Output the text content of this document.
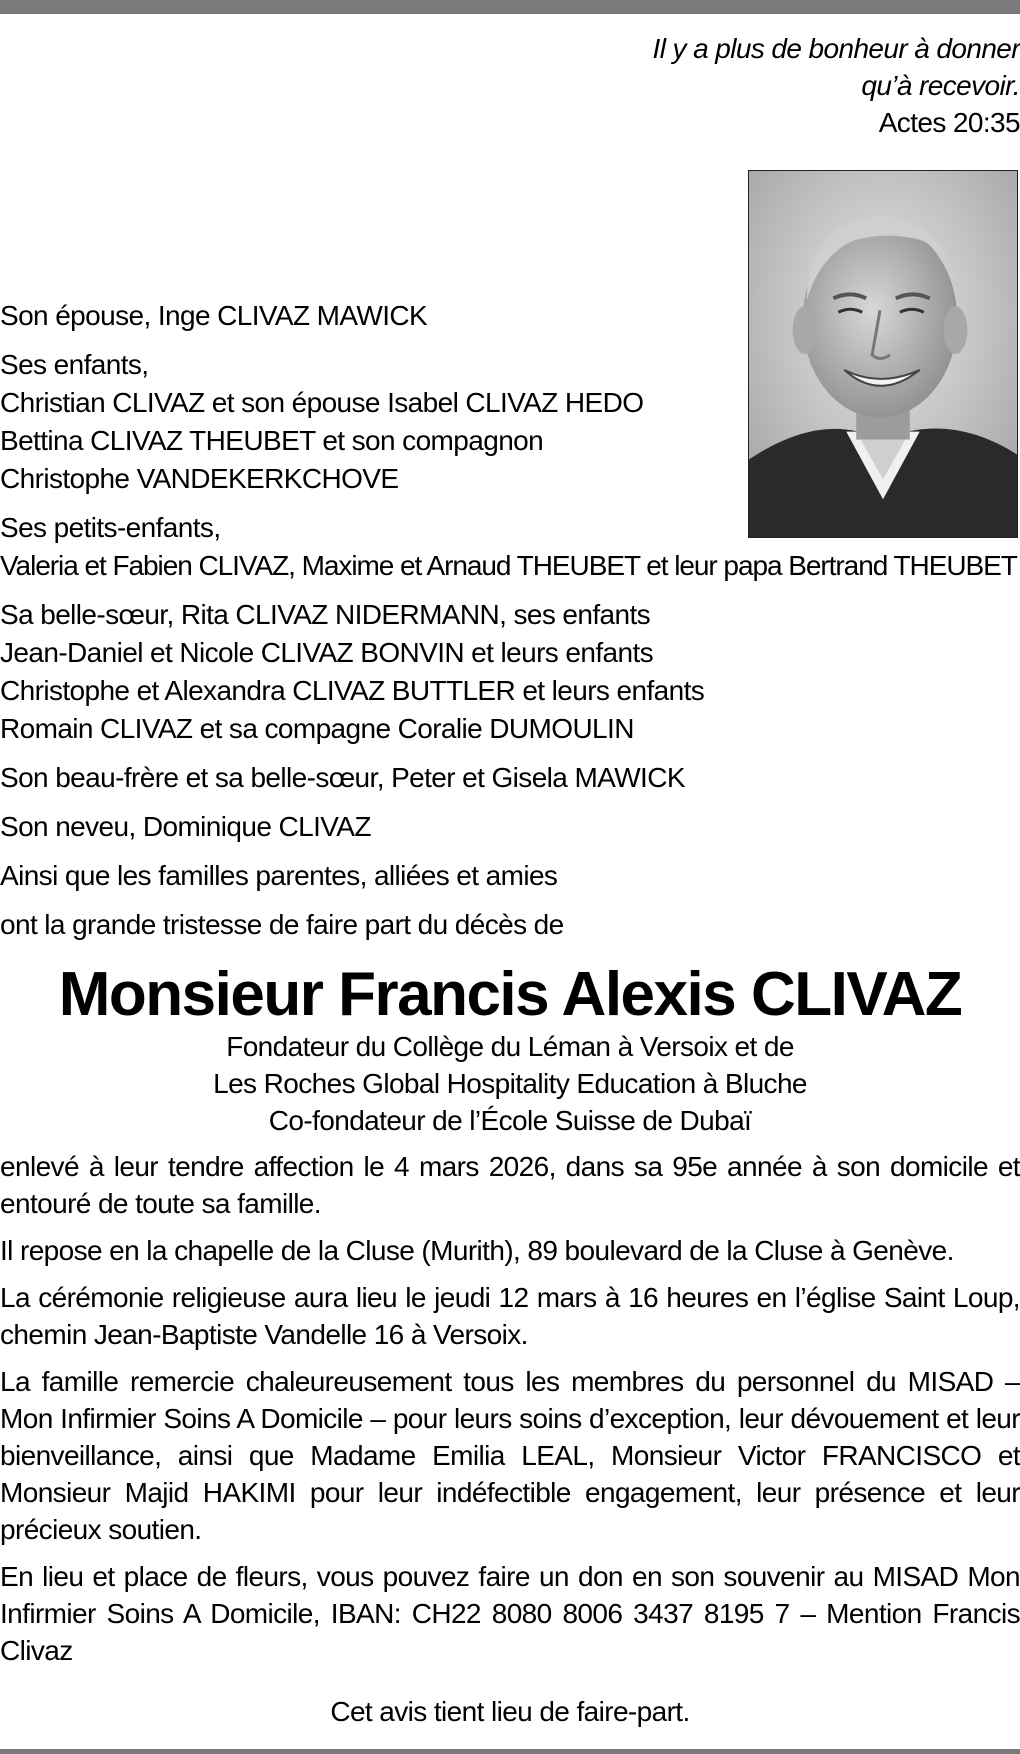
Il y a plus de bonheur à donner
qu’à recevoir.
Actes 20:35

Son épouse, Inge CLIVAZ MAWICK

Ses enfants,
Christian CLIVAZ et son épouse Isabel CLIVAZ HEDO
Bettina CLIVAZ THEUBET et son compagnon
Christophe VANDEKERKCHOVE

Ses petits-enfants,
Valeria et Fabien CLIVAZ, Maxime et Arnaud THEUBET et leur papa Bertrand THEUBET

Sa belle-sœur, Rita CLIVAZ NIDERMANN, ses enfants
Jean-Daniel et Nicole CLIVAZ BONVIN et leurs enfants
Christophe et Alexandra CLIVAZ BUTTLER et leurs enfants
Romain CLIVAZ et sa compagne Coralie DUMOULIN

Son beau-frère et sa belle-sœur, Peter et Gisela MAWICK

Son neveu, Dominique CLIVAZ

Ainsi que les familles parentes, alliées et amies

ont la grande tristesse de faire part du décès de

Monsieur Francis Alexis CLIVAZ
Fondateur du Collège du Léman à Versoix et de
Les Roches Global Hospitality Education à Bluche
Co-fondateur de l’École Suisse de Dubaï

enlevé à leur tendre affection le 4 mars 2026, dans sa 95e année à son domicile et entouré de toute sa famille.

Il repose en la chapelle de la Cluse (Murith), 89 boulevard de la Cluse à Genève.

La cérémonie religieuse aura lieu le jeudi 12 mars à 16 heures en l’église Saint Loup, chemin Jean-Baptiste Vandelle 16 à Versoix.

La famille remercie chaleureusement tous les membres du personnel du MISAD – Mon Infirmier Soins A Domicile – pour leurs soins d’exception, leur dévouement et leur bienveillance, ainsi que Madame Emilia LEAL, Monsieur Victor FRANCISCO et Monsieur Majid HAKIMI pour leur indéfectible engagement, leur présence et leur précieux soutien.

En lieu et place de fleurs, vous pouvez faire un don en son souvenir au MISAD Mon Infirmier Soins A Domicile, IBAN: CH22 8080 8006 3437 8195 7 – Mention Francis Clivaz

Cet avis tient lieu de faire-part.
